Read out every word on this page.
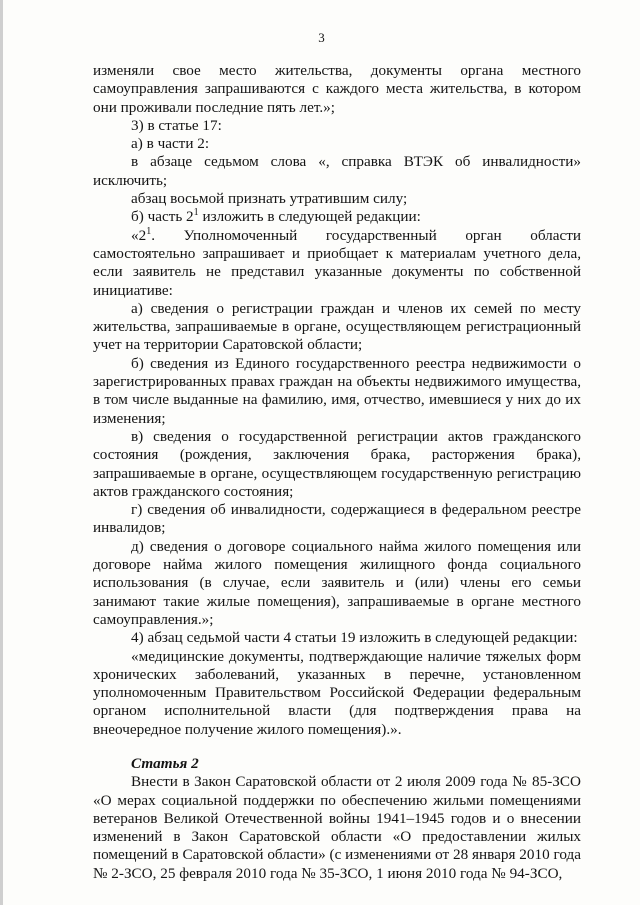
3

изменяли свое место жительства, документы органа местного самоуправления запрашиваются с каждого места жительства, в котором они проживали последние пять лет.»;

3) в статье 17:

а) в части 2:

в абзаце седьмом слова «, справка ВТЭК об инвалидности» исключить;

абзац восьмой признать утратившим силу;

б) часть $2^1$ изложить в следующей редакции:

«$2^1$. Уполномоченный государственный орган области самостоятельно запрашивает и приобщает к материалам учетного дела, если заявитель не представил указанные документы по собственной инициативе:

а) сведения о регистрации граждан и членов их семей по месту жительства, запрашиваемые в органе, осуществляющем регистрационный учет на территории Саратовской области;

б) сведения из Единого государственного реестра недвижимости о зарегистрированных правах граждан на объекты недвижимого имущества, в том числе выданные на фамилию, имя, отчество, имевшиеся у них до их изменения;

в) сведения о государственной регистрации актов гражданского состояния (рождения, заключения брака, расторжения брака), запрашиваемые в органе, осуществляющем государственную регистрацию актов гражданского состояния;

г) сведения об инвалидности, содержащиеся в федеральном реестре инвалидов;

д) сведения о договоре социального найма жилого помещения или договоре найма жилого помещения жилищного фонда социального использования (в случае, если заявитель и (или) члены его семьи занимают такие жилые помещения), запрашиваемые в органе местного самоуправления.»;

4) абзац седьмой части 4 статьи 19 изложить в следующей редакции:

«медицинские документы, подтверждающие наличие тяжелых форм хронических заболеваний, указанных в перечне, установленном уполномоченным Правительством Российской Федерации федеральным органом исполнительной власти (для подтверждения права на внеочередное получение жилого помещения).».

Статья 2

Внести в Закон Саратовской области от 2 июля 2009 года № 85-ЗСО «О мерах социальной поддержки по обеспечению жильми помещениями ветеранов Великой Отечественной войны 1941–1945 годов и о внесении изменений в Закон Саратовской области «О предоставлении жилых помещений в Саратовской области» (с изменениями от 28 января 2010 года № 2-ЗСО, 25 февраля 2010 года № 35-ЗСО, 1 июня 2010 года № 94-ЗСО,
